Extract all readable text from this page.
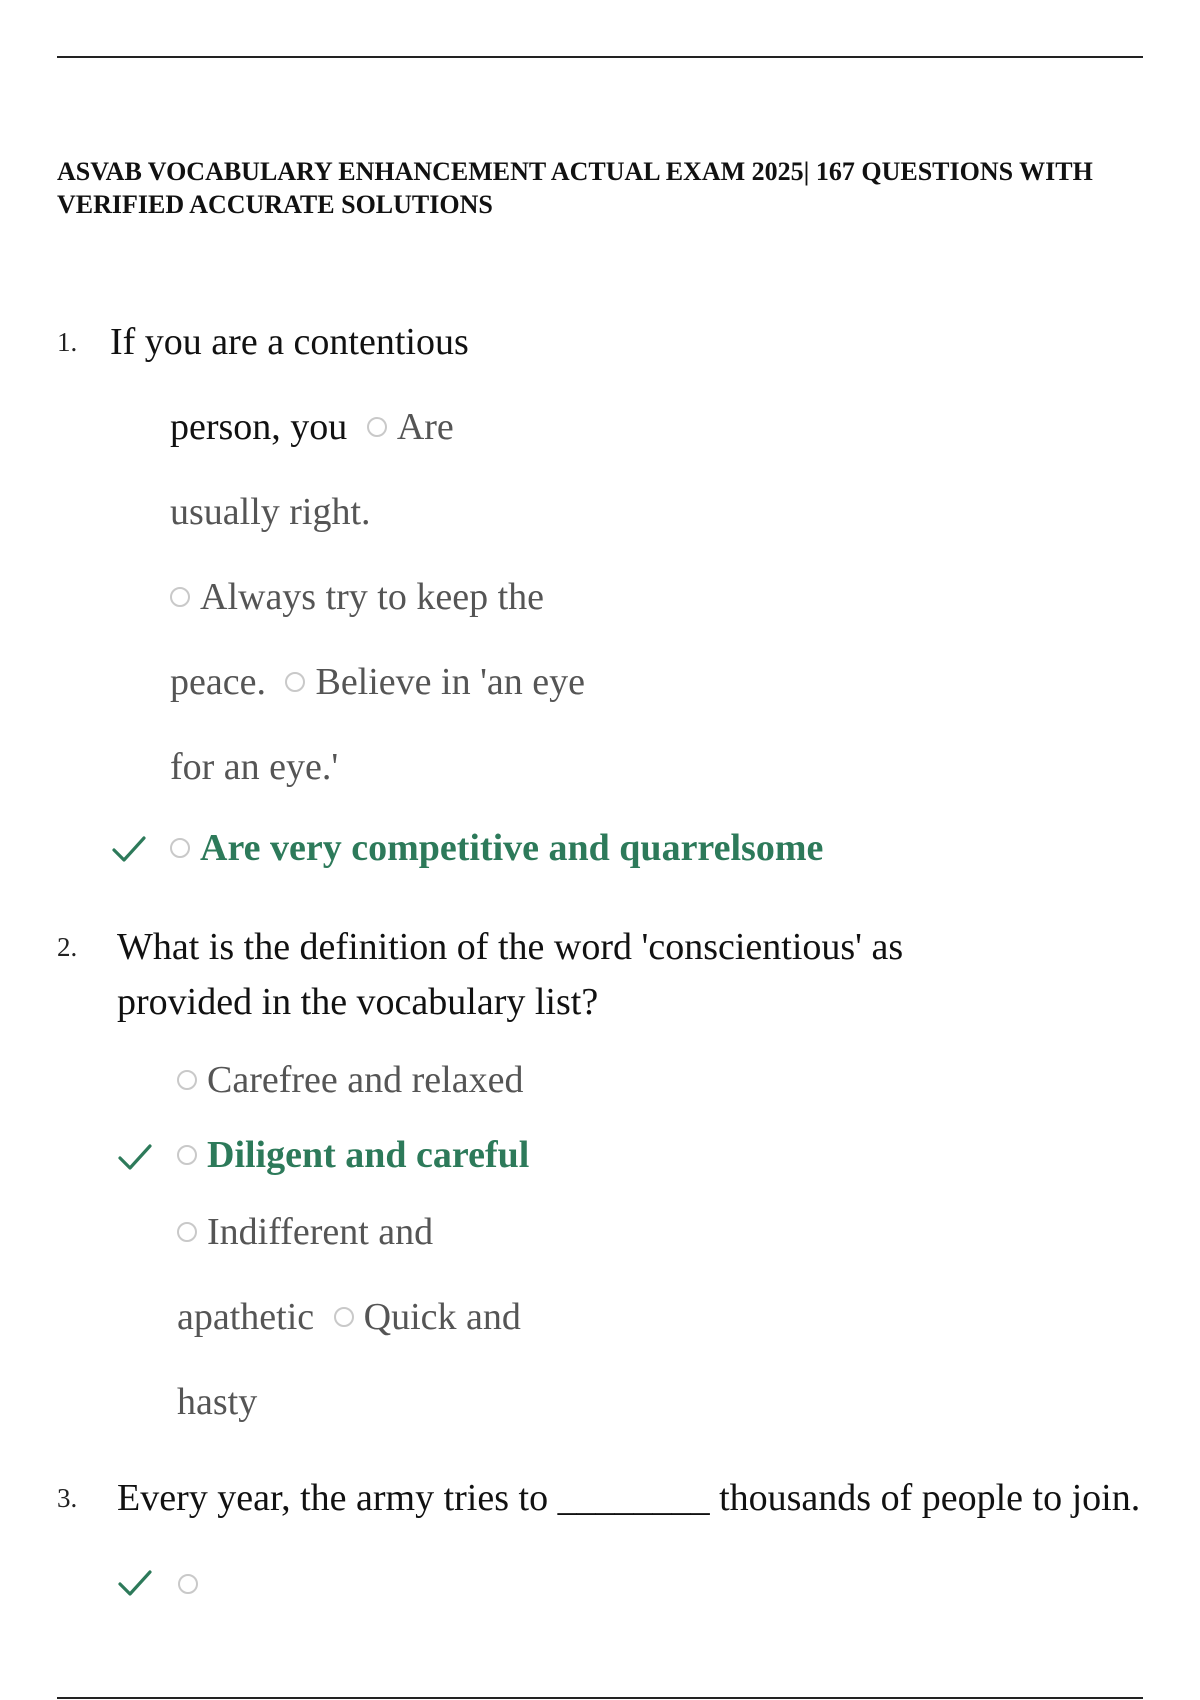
ASVAB VOCABULARY ENHANCEMENT ACTUAL EXAM 2025| 167 QUESTIONS WITH VERIFIED ACCURATE SOLUTIONS
1. If you are a contentious
person, you Are
usually right.
Always try to keep the
peace. Believe in 'an eye
for an eye.'
Are very competitive and quarrelsome
2. What is the definition of the word 'conscientious' as
provided in the vocabulary list?
Carefree and relaxed
Diligent and careful
Indifferent and
apathetic Quick and
hasty
3. Every year, the army tries to ________ thousands of people to join.
